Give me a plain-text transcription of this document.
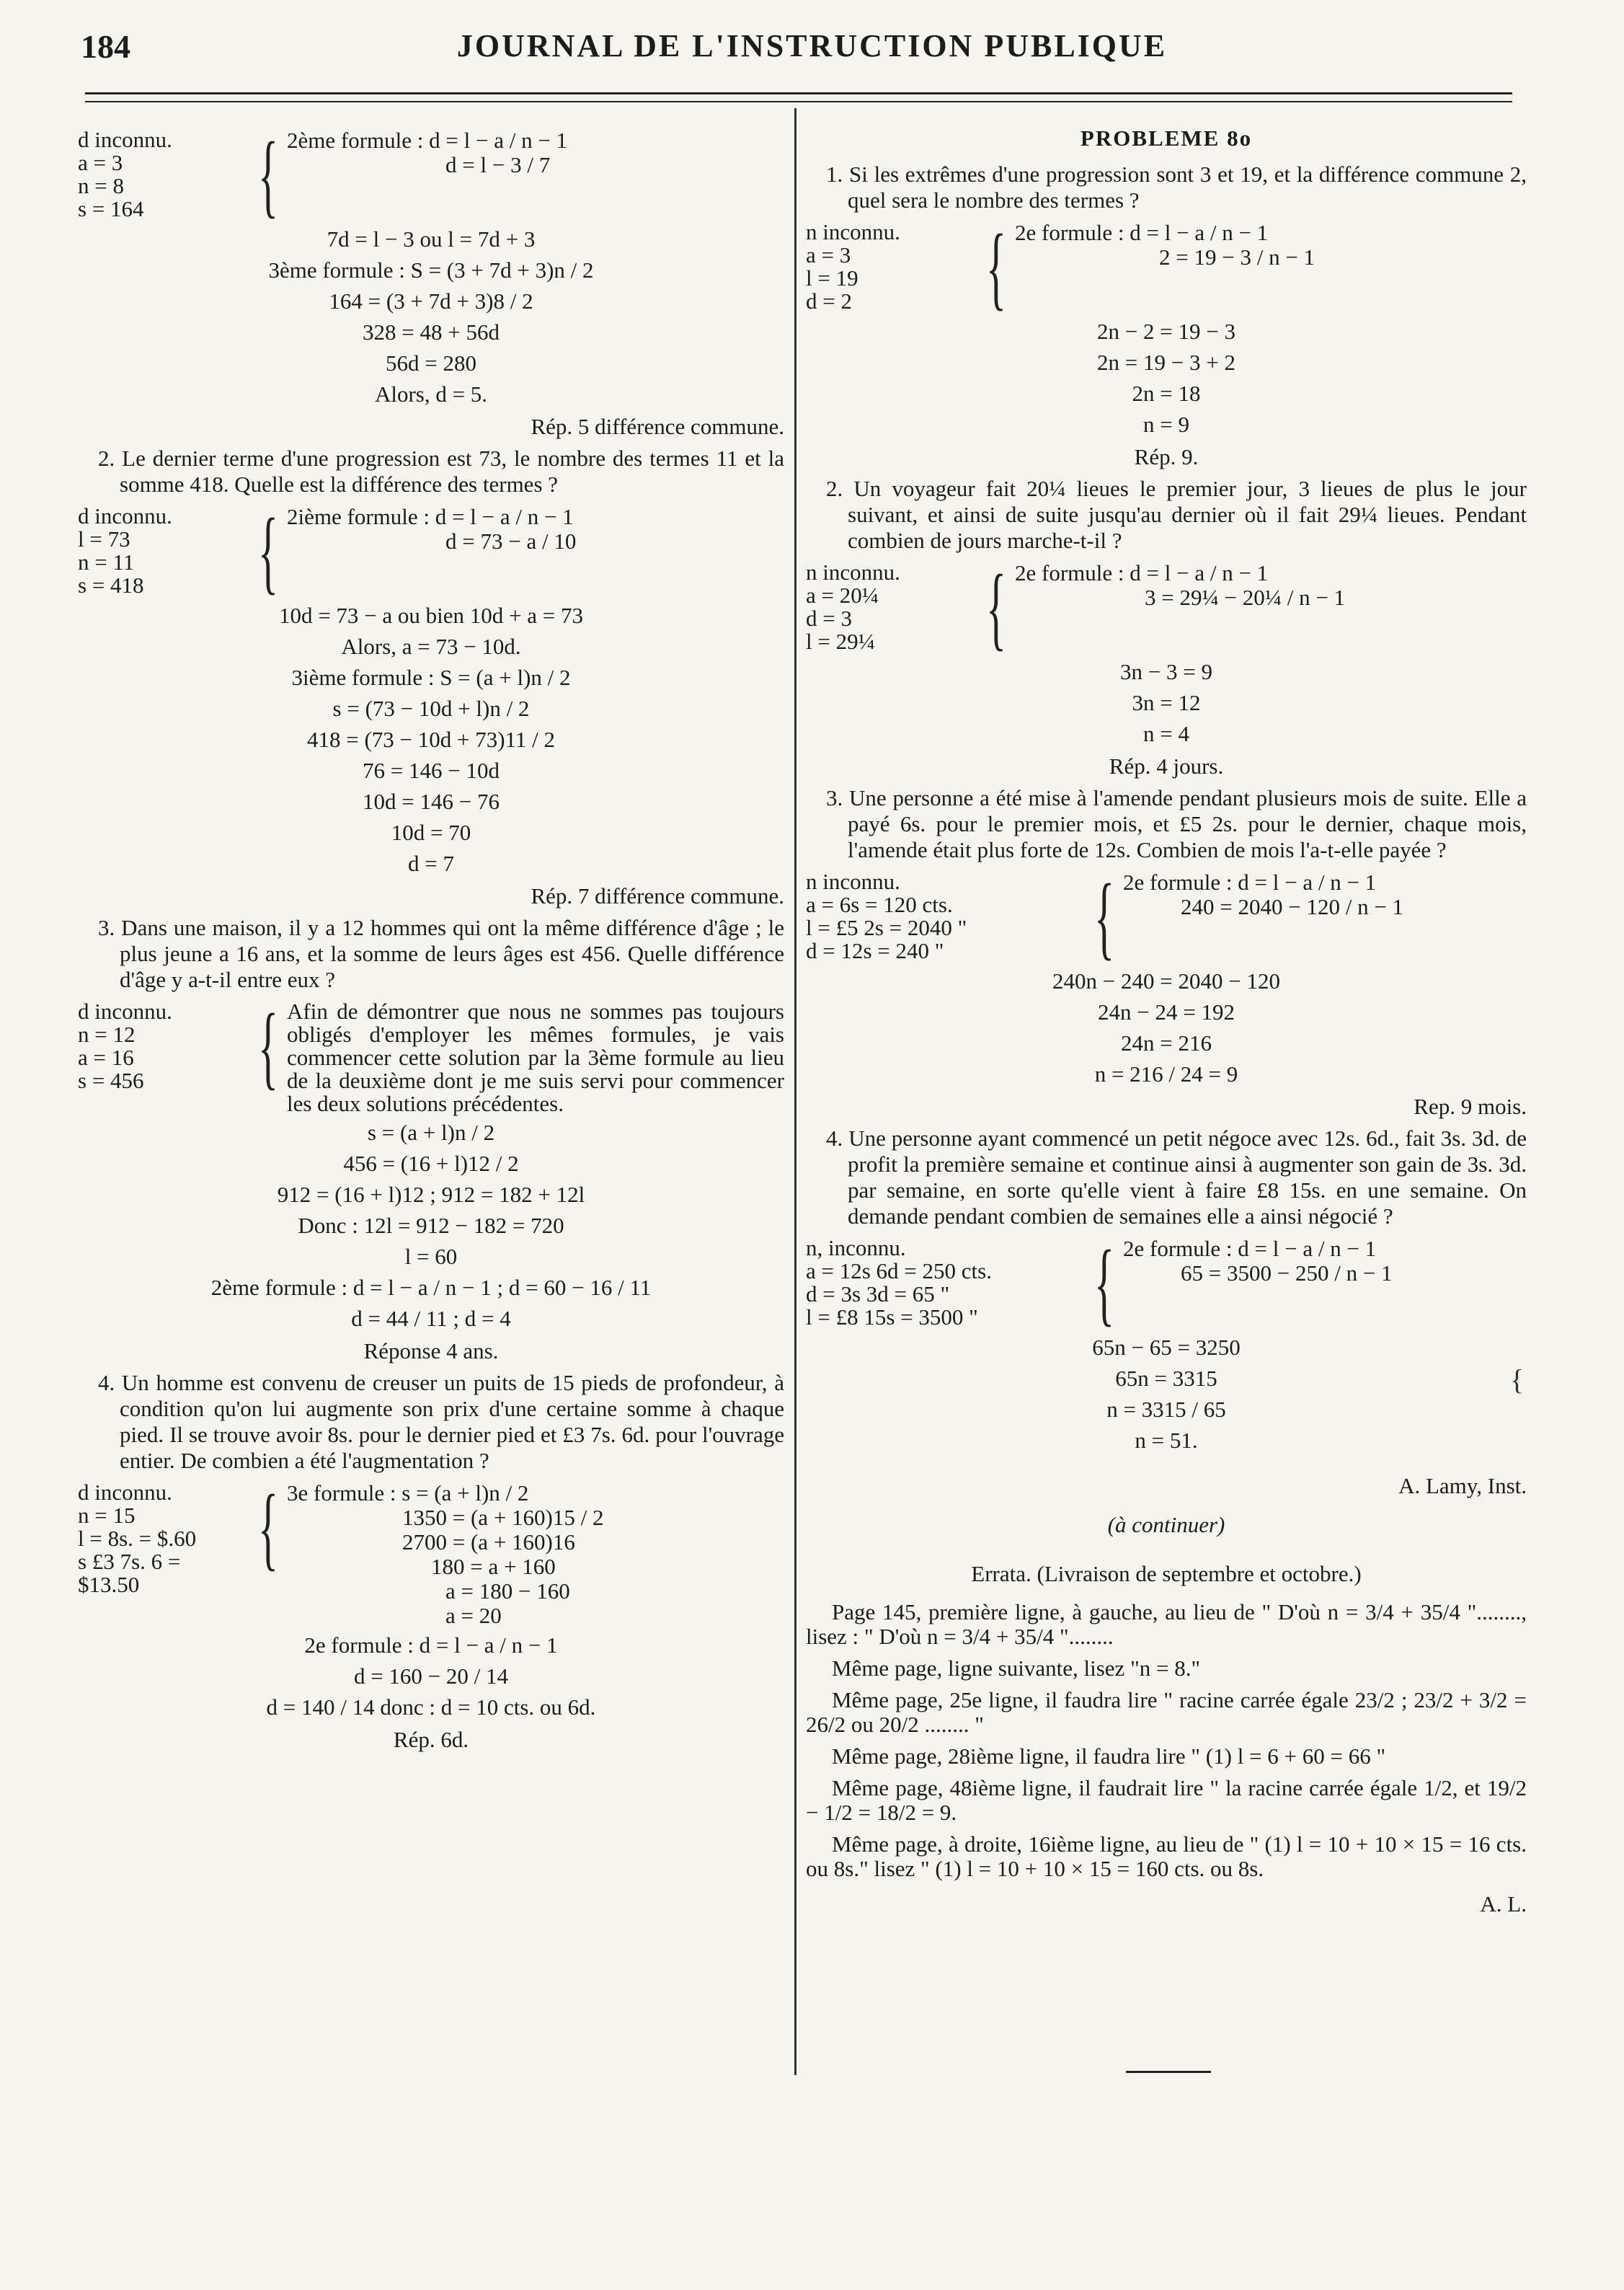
184	JOURNAL DE L'INSTRUCTION PUBLIQUE
{
d inconnu.
a = 3
n = 8
s = 164	{ 2ème formule : d = l − a / n − 1
d = l − 3 / 7
7d = l − 3 ou l = 7d + 3
3ème formule : S = (3 + 7d + 3)n / 2
164 = (3 + 7d + 3)8 / 2
328 = 48 + 56d
56d = 280
Alors, d = 5.
Rép. 5 différence commune.
2. Le dernier terme d'une progression est 73, le nombre des termes 11 et la somme 418. Quelle est la différence des termes ?
d inconnu.
l = 73
n = 11
s = 418	{ 2ième formule : d = l − a / n − 1
d = 73 − a / 10
10d = 73 − a ou bien 10d + a = 73
Alors, a = 73 − 10d.
3ième formule : S = (a + l)n / 2
s = (73 − 10d + l)n / 2
418 = (73 − 10d + 73)11 / 2
76 = 146 − 10d
10d = 146 − 76
10d = 70
d = 7
Rép. 7 différence commune.
3. Dans une maison, il y a 12 hommes qui ont la même différence d'âge ; le plus jeune a 16 ans, et la somme de leurs âges est 456. Quelle différence d'âge y a-t-il entre eux ?
d inconnu.
n = 12
a = 16
s = 456	{ Afin de démontrer que nous ne sommes pas toujours obligés d'employer les mêmes formules, je vais commencer cette solution par la 3ème formule au lieu de la deuxième dont je me suis servi pour commencer les deux solutions précédentes.
s = (a + l)n / 2
456 = (16 + l)12 / 2
912 = (16 + l)12 ; 912 = 182 + 12l
Donc : 12l = 912 − 182 = 720
l = 60
2ème formule : d = l − a / n − 1 ; d = 60 − 16 / 11
d = 44 / 11 ; d = 4
Réponse 4 ans.
4. Un homme est convenu de creuser un puits de 15 pieds de profondeur, à condition qu'on lui augmente son prix d'une certaine somme à chaque pied. Il se trouve avoir 8s. pour le dernier pied et £3 7s. 6d. pour l'ouvrage entier. De combien a été l'augmentation ?
d inconnu.
n = 15
l = 8s. = $.60
s £3 7s. 6 =
$13.50
{ 3e formule : s = (a + l)n / 2
1350 = (a + 160)15 / 2
2700 = (a + 160)16
180 = a + 160
a = 180 − 160
a = 20
2e formule : d = l − a / n − 1
d = 160 − 20 / 14
d = 140 / 14 donc : d = 10 cts. ou 6d.
Rép. 6d.
PROBLEME 8o
1. Si les extrêmes d'une progression sont 3 et 19, et la différence commune 2, quel sera le nombre des termes ?
n inconnu.
a = 3
l = 19
d = 2	{ 2e formule : d = l − a / n − 1
2 = 19 − 3 / n − 1
2n − 2 = 19 − 3
2n = 19 − 3 + 2
2n = 18
n = 9
Rép. 9.
2. Un voyageur fait 20¼ lieues le premier jour, 3 lieues de plus le jour suivant, et ainsi de suite jusqu'au dernier où il fait 29¼ lieues. Pendant combien de jours marche-t-il ?
n inconnu.
a = 20¼
d = 3
l = 29¼	{ 2e formule : d = l − a / n − 1
3 = 29¼ − 20¼ / n − 1
3n − 3 = 9
3n = 12
n = 4
Rép. 4 jours.
3. Une personne a été mise à l'amende pendant plusieurs mois de suite. Elle a payé 6s. pour le premier mois, et £5 2s. pour le dernier, chaque mois, l'amende était plus forte de 12s. Combien de mois l'a-t-elle payée ?
n inconnu.
a = 6s = 120 cts.
l = £5 2s = 2040 "
d = 12s = 240 "	{ 2e formule : d = l − a / n − 1
240 = 2040 − 120 / n − 1
240n − 240 = 2040 − 120
24n − 24 = 192
24n = 216
n = 216 / 24 = 9
Rep. 9 mois.
4. Une personne ayant commencé un petit négoce avec 12s. 6d., fait 3s. 3d. de profit la première semaine et continue ainsi à augmenter son gain de 3s. 3d. par semaine, en sorte qu'elle vient à faire £8 15s. en une semaine. On demande pendant combien de semaines elle a ainsi négocié ?
n, inconnu.
a = 12s 6d = 250 cts.
d = 3s 3d = 65 "
l = £8 15s = 3500 "	{ 2e formule : d = l − a / n − 1
65 = 3500 − 250 / n − 1
65n − 65 = 3250
65n = 3315
n = 3315 / 65
n = 51.
A. Lamy, Inst.
(à continuer)
Errata. (Livraison de septembre et octobre.)

Page 145, première ligne, à gauche, au lieu de " D'où n = 3/4 + 35/4 "........, lisez : " D'où n = 3/4 + 35/4 "........

Même page, ligne suivante, lisez "n = 8."

Même page, 25e ligne, il faudra lire " racine carrée égale 23/2 ; 23/2 + 3/2 = 26/2 ou 20/2 ........ "

Même page, 28ième ligne, il faudra lire " (1) l = 6 + 60 = 66 "

Même page, 48ième ligne, il faudrait lire " la racine carrée égale 1/2, et 19/2 − 1/2 = 18/2 = 9.

Même page, à droite, 16ième ligne, au lieu de " (1) l = 10 + 10 × 15 = 16 cts. ou 8s." lisez " (1) l = 10 + 10 × 15 = 160 cts. ou 8s.

A. L.
